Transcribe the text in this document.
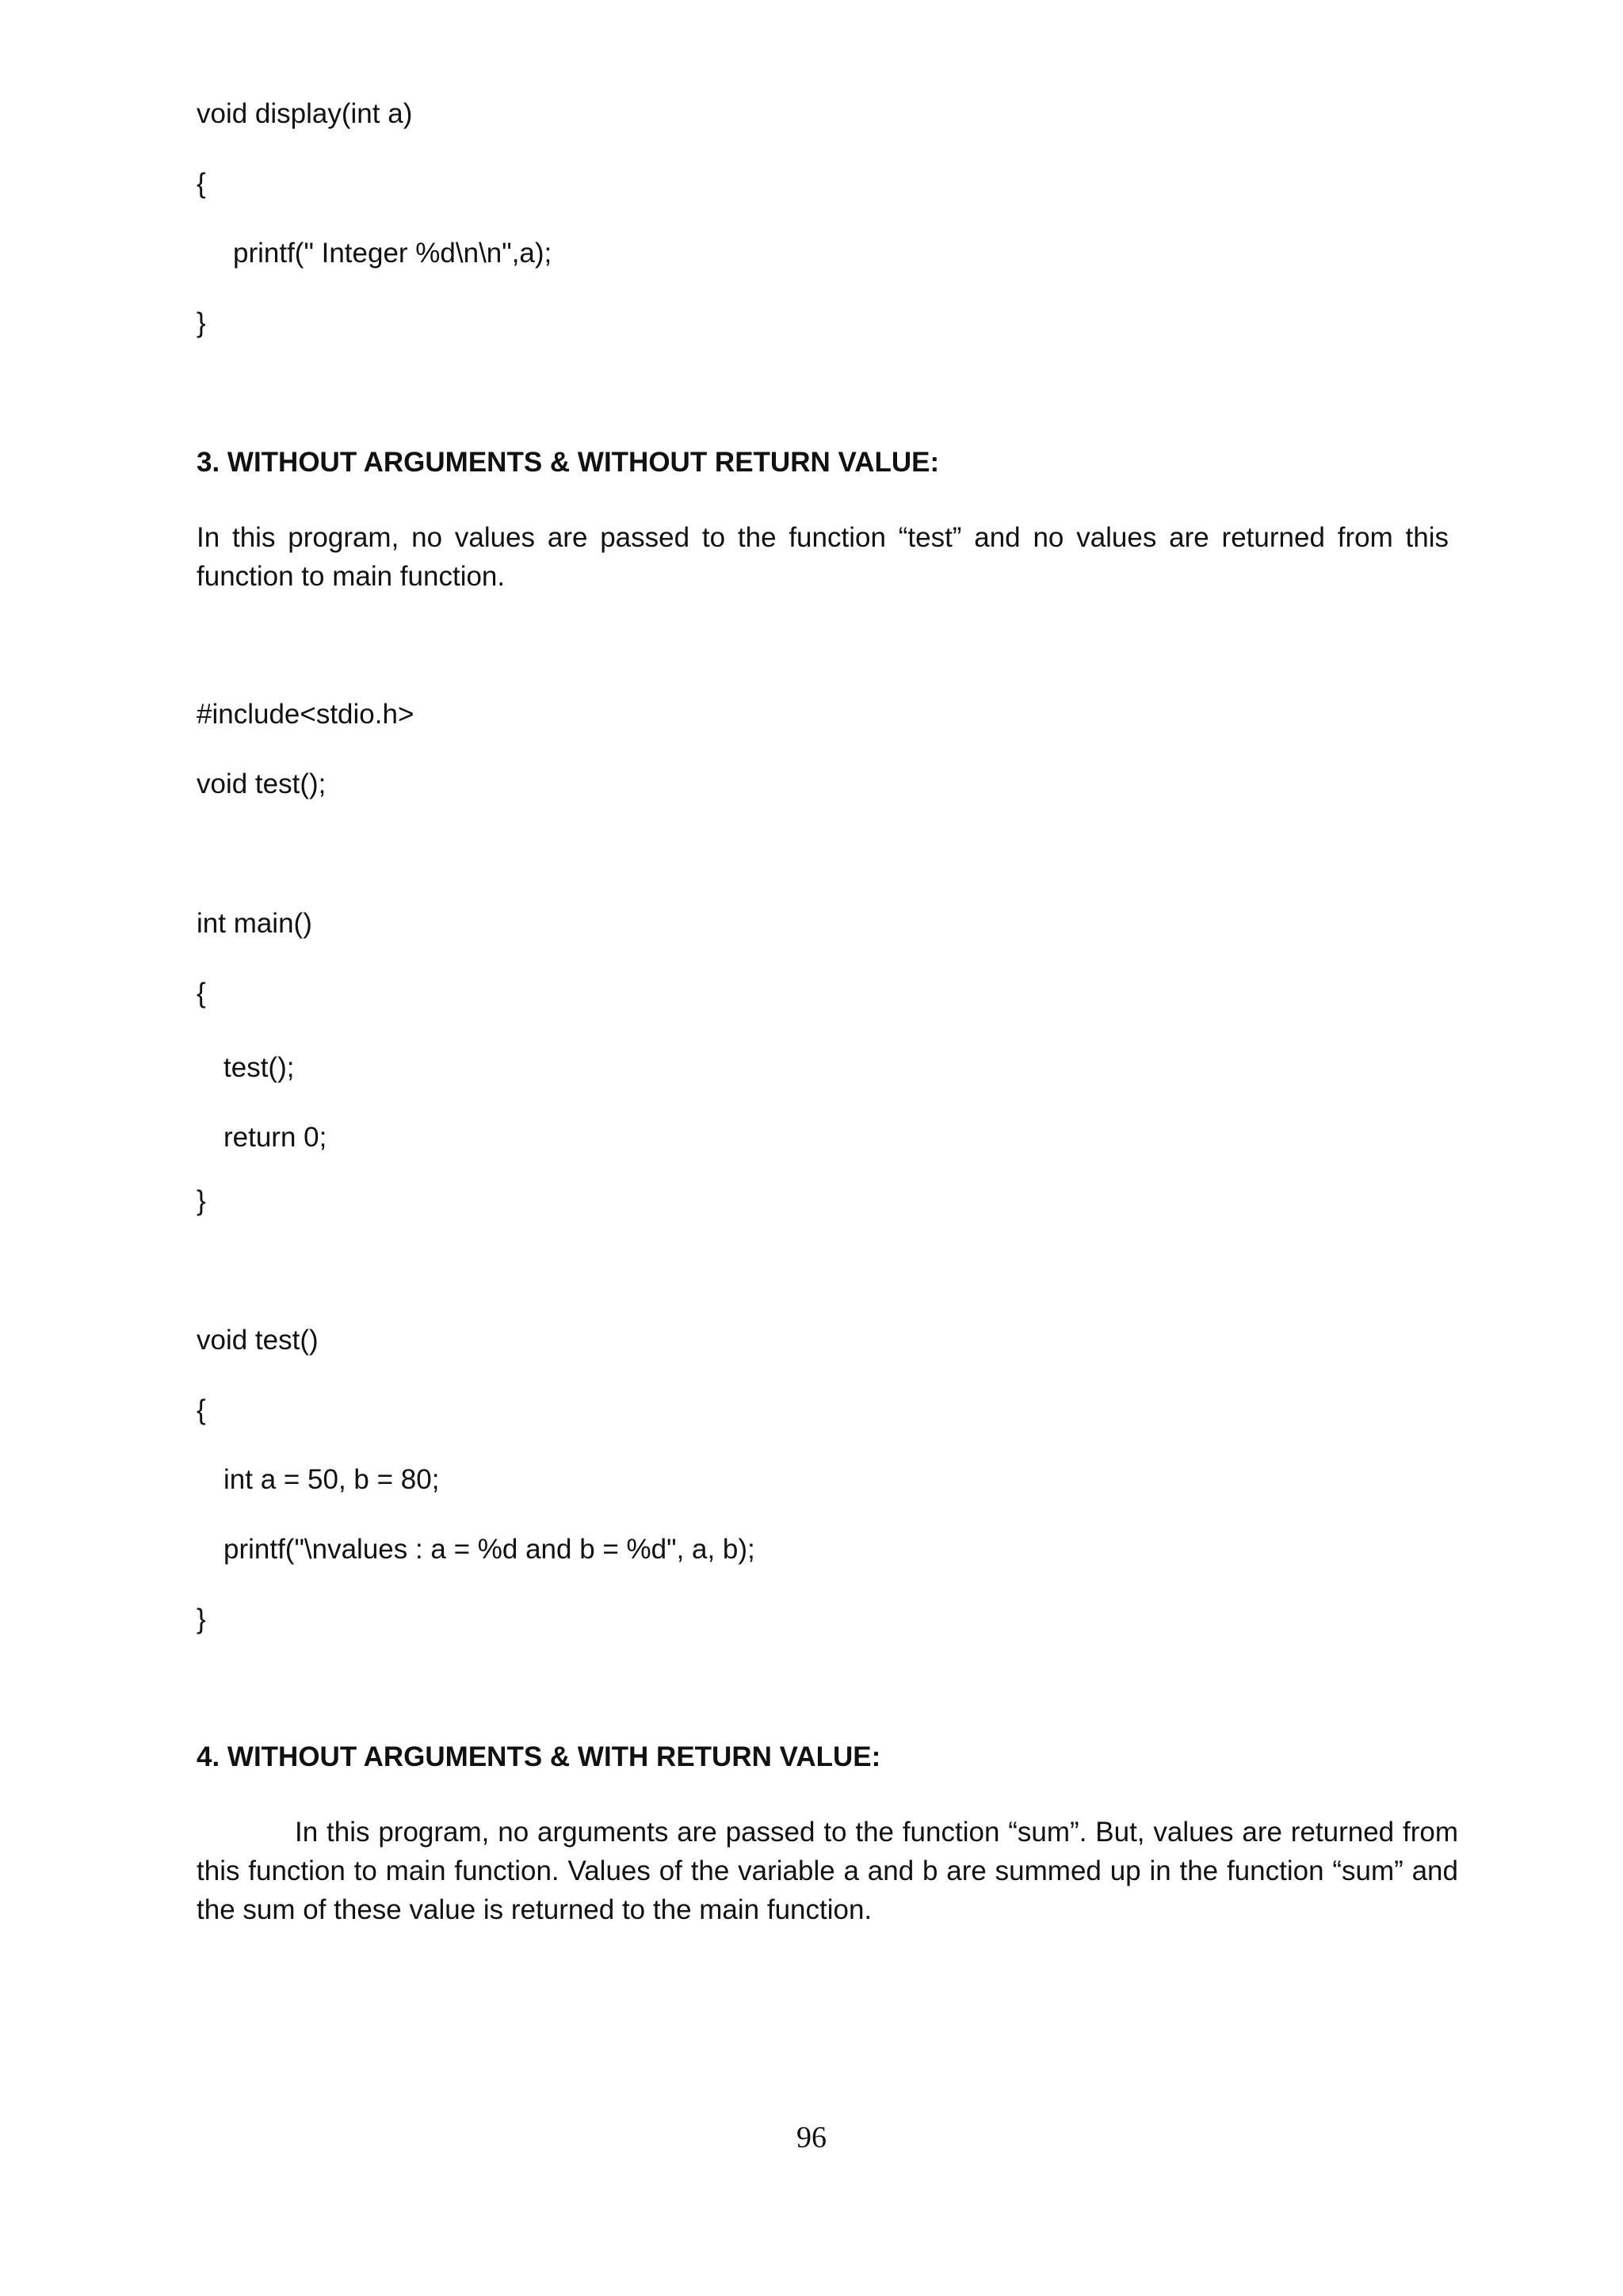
void display(int a)
{
printf(" Integer %d\n\n",a);
}
3. WITHOUT ARGUMENTS & WITHOUT RETURN VALUE:
In this program, no values are passed to the function “test” and no values are returned from this function to main function.
#include<stdio.h>
void test();
int main()
{
test();
return 0;
}
void test()
{
int a = 50, b = 80;
printf("\nvalues : a = %d and b = %d", a, b);
}
4. WITHOUT ARGUMENTS & WITH RETURN VALUE:
In this program, no arguments are passed to the function “sum”. But, values are returned from this function to main function. Values of the variable a and b are summed up in the function “sum” and the sum of these value is returned to the main function.
96
